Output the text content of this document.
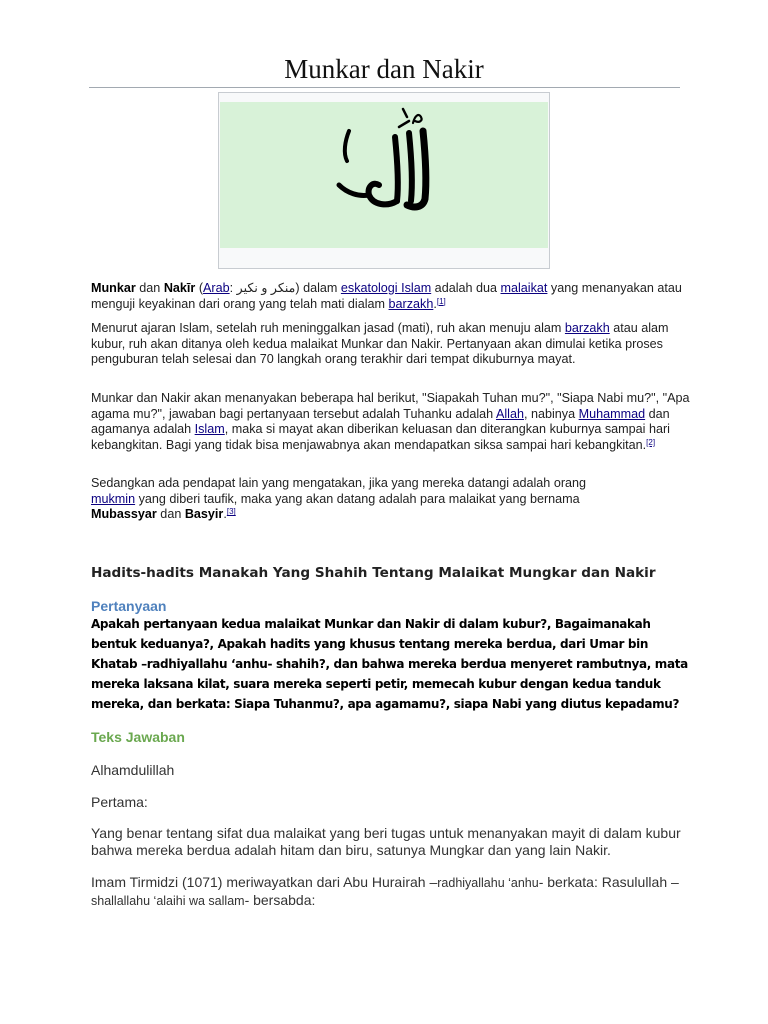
Munkar dan Nakir

Munkar dan Nakīr (Arab: منكر و نكير) dalam eskatologi Islam adalah dua malaikat yang menanyakan atau menguji keyakinan dari orang yang telah mati dialam barzakh.[1]

Menurut ajaran Islam, setelah ruh meninggalkan jasad (mati), ruh akan menuju alam barzakh atau alam kubur, ruh akan ditanya oleh kedua malaikat Munkar dan Nakir. Pertanyaan akan dimulai ketika proses penguburan telah selesai dan 70 langkah orang terakhir dari tempat dikuburnya mayat.

Munkar dan Nakir akan menanyakan beberapa hal berikut, "Siapakah Tuhan mu?", "Siapa Nabi mu?", "Apa agama mu?", jawaban bagi pertanyaan tersebut adalah Tuhanku adalah Allah, nabinya Muhammad dan agamanya adalah Islam, maka si mayat akan diberikan keluasan dan diterangkan kuburnya sampai hari kebangkitan. Bagi yang tidak bisa menjawabnya akan mendapatkan siksa sampai hari kebangkitan.[2]

Sedangkan ada pendapat lain yang mengatakan, jika yang mereka datangi adalah orang mukmin yang diberi taufik, maka yang akan datang adalah para malaikat yang bernama Mubassyar dan Basyir.[3]

Hadits-hadits Manakah Yang Shahih Tentang Malaikat Mungkar dan Nakir
Pertanyaan

Apakah pertanyaan kedua malaikat Munkar dan Nakir di dalam kubur?, Bagaimanakah bentuk keduanya?, Apakah hadits yang khusus tentang mereka berdua, dari Umar bin Khatab –radhiyallahu ‘anhu- shahih?, dan bahwa mereka berdua menyeret rambutnya, mata mereka laksana kilat, suara mereka seperti petir, memecah kubur dengan kedua tanduk mereka, dan berkata: Siapa Tuhanmu?, apa agamamu?, siapa Nabi yang diutus kepadamu?

Teks Jawaban

Alhamdulillah

Pertama:

Yang benar tentang sifat dua malaikat yang beri tugas untuk menanyakan mayit di dalam kubur bahwa mereka berdua adalah hitam dan biru, satunya Mungkar dan yang lain Nakir.

Imam Tirmidzi (1071) meriwayatkan dari Abu Hurairah –radhiyallahu ‘anhu- berkata: Rasulullah –shallallahu ‘alaihi wa sallam- bersabda:
